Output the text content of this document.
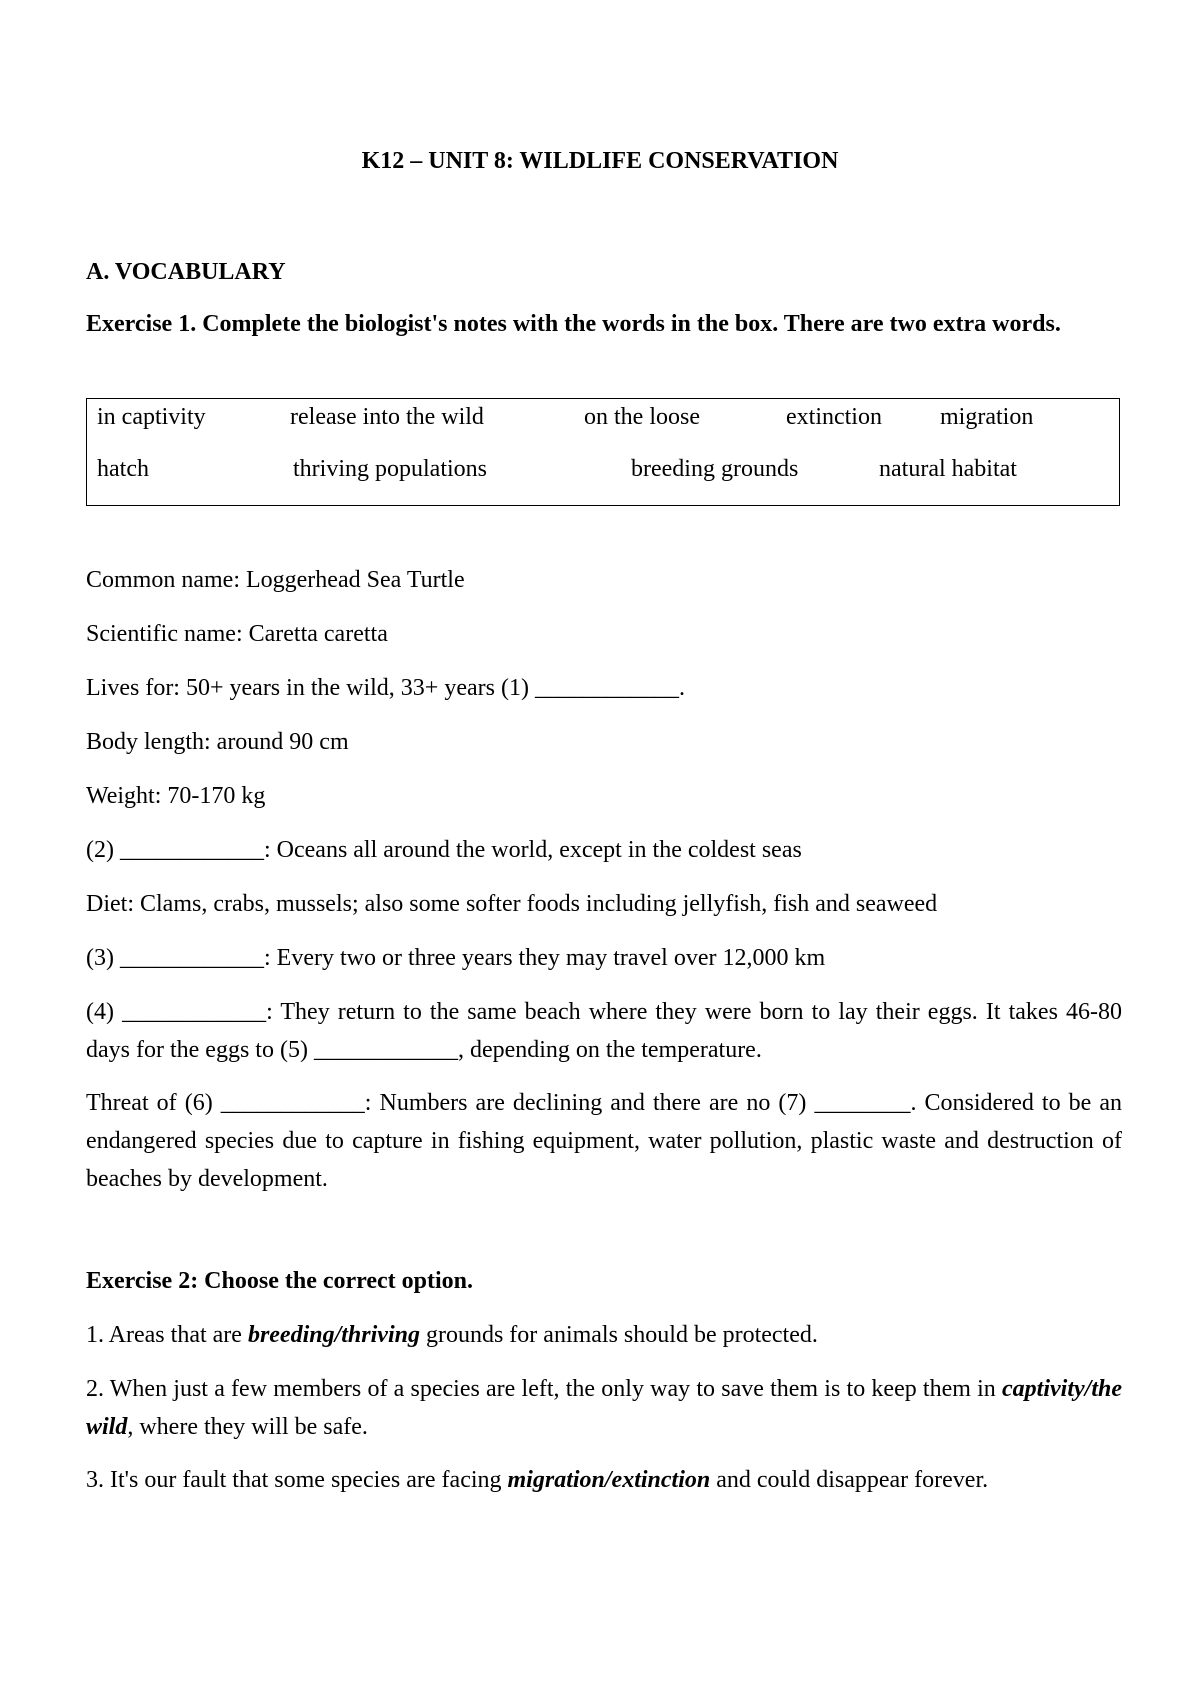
K12 – UNIT 8: WILDLIFE CONSERVATION
A. VOCABULARY
Exercise 1. Complete the biologist's notes with the words in the box. There are two extra words.
in captivity	release into the wild	on the loose	extinction migration
hatch	thriving populations	breeding grounds	natural habitat
Common name: Loggerhead Sea Turtle
Scientific name: Caretta caretta
Lives for: 50+ years in the wild, 33+ years (1) ____________.
Body length: around 90 cm
Weight: 70-170 kg
(2) ____________: Oceans all around the world, except in the coldest seas
Diet: Clams, crabs, mussels; also some softer foods including jellyfish, fish and seaweed
(3) ____________: Every two or three years they may travel over 12,000 km
(4) ____________: They return to the same beach where they were born to lay their eggs. It takes 46-80 days for the eggs to (5) ____________, depending on the temperature.
Threat of (6) ____________: Numbers are declining and there are no (7) ________. Considered to be an endangered species due to capture in fishing equipment, water pollution, plastic waste and destruction of beaches by development.
Exercise 2: Choose the correct option.
1. Areas that are breeding/thriving grounds for animals should be protected.
2. When just a few members of a species are left, the only way to save them is to keep them in captivity/the wild, where they will be safe.
3. It's our fault that some species are facing migration/extinction and could disappear forever.
